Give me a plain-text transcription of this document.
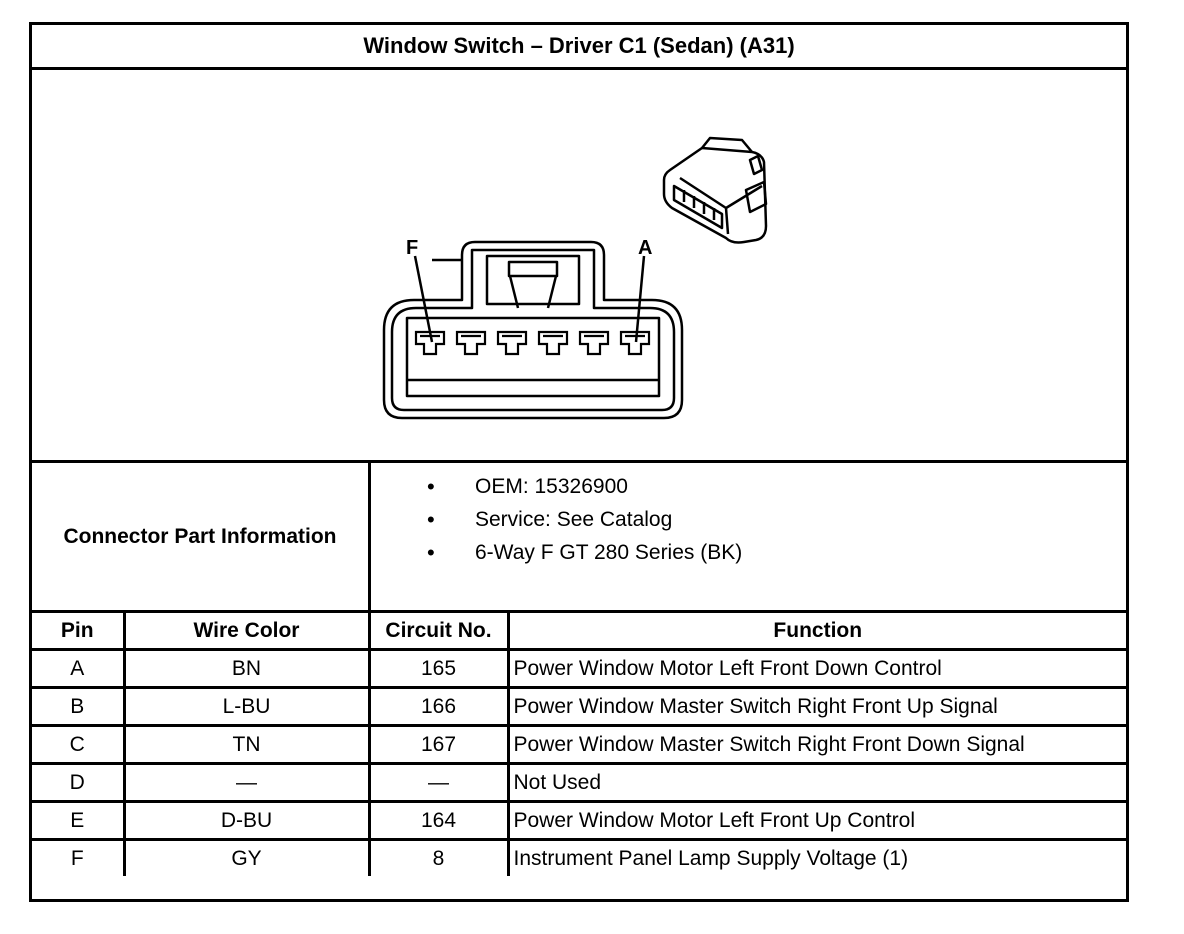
Window Switch – Driver C1 (Sedan) (A31)
F	A
Connector Part Information
• OEM: 15326900
• Service: See Catalog
• 6-Way F GT 280 Series (BK)
Pin	Wire Color	Circuit No.	Function
A	BN	165	Power Window Motor Left Front Down Control
B	L-BU	166	Power Window Master Switch Right Front Up Signal
C	TN	167	Power Window Master Switch Right Front Down Signal
D	—	—	Not Used
E	D-BU	164	Power Window Motor Left Front Up Control
F	GY	8	Instrument Panel Lamp Supply Voltage (1)
